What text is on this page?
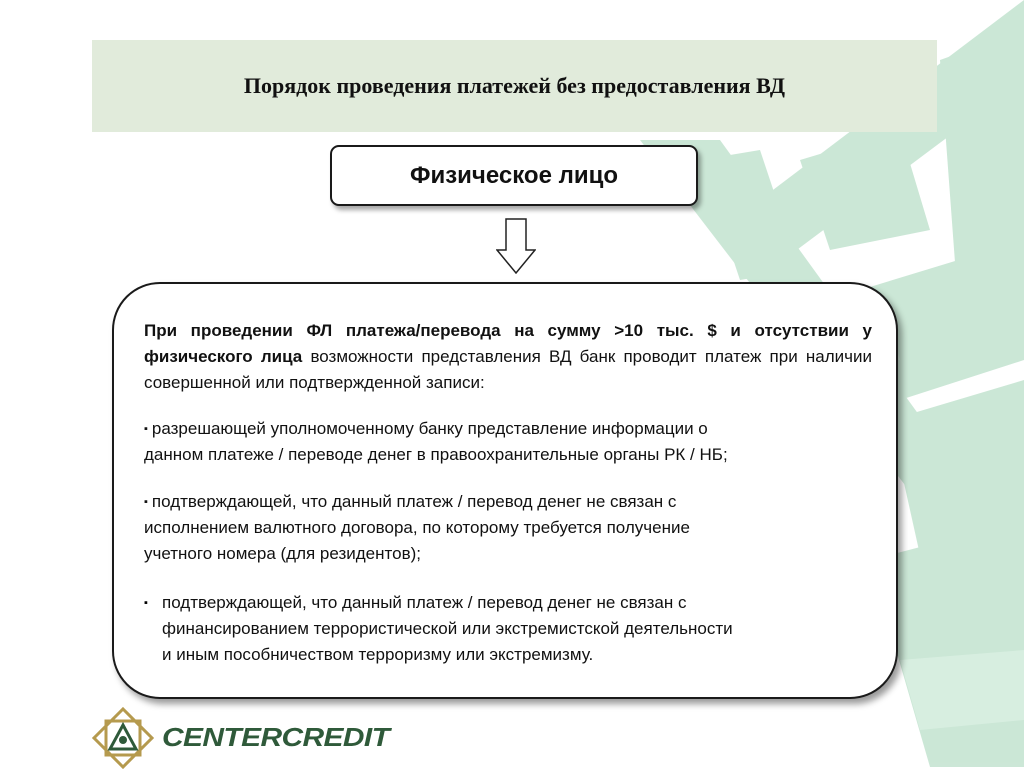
Порядок проведения платежей без предоставления ВД
Физическое лицо

При проведении ФЛ платежа/перевода на сумму >10 тыс. $ и отсутствии у физического лица возможности представления ВД банк проводит платеж при наличии совершенной или подтвержденной записи:

▪ разрешающей уполномоченному банку представление информации о
данном платеже / переводе денег в правоохранительные органы РК / НБ;
▪ подтверждающей, что данный платеж / перевод денег не связан с
исполнением валютного договора, по которому требуется получение
учетного номера (для резидентов);
▪ подтверждающей, что данный платеж / перевод денег не связан с
финансированием террористической или экстремистской деятельности
и иным пособничеством терроризму или экстремизму.
CENTERCREDIT
